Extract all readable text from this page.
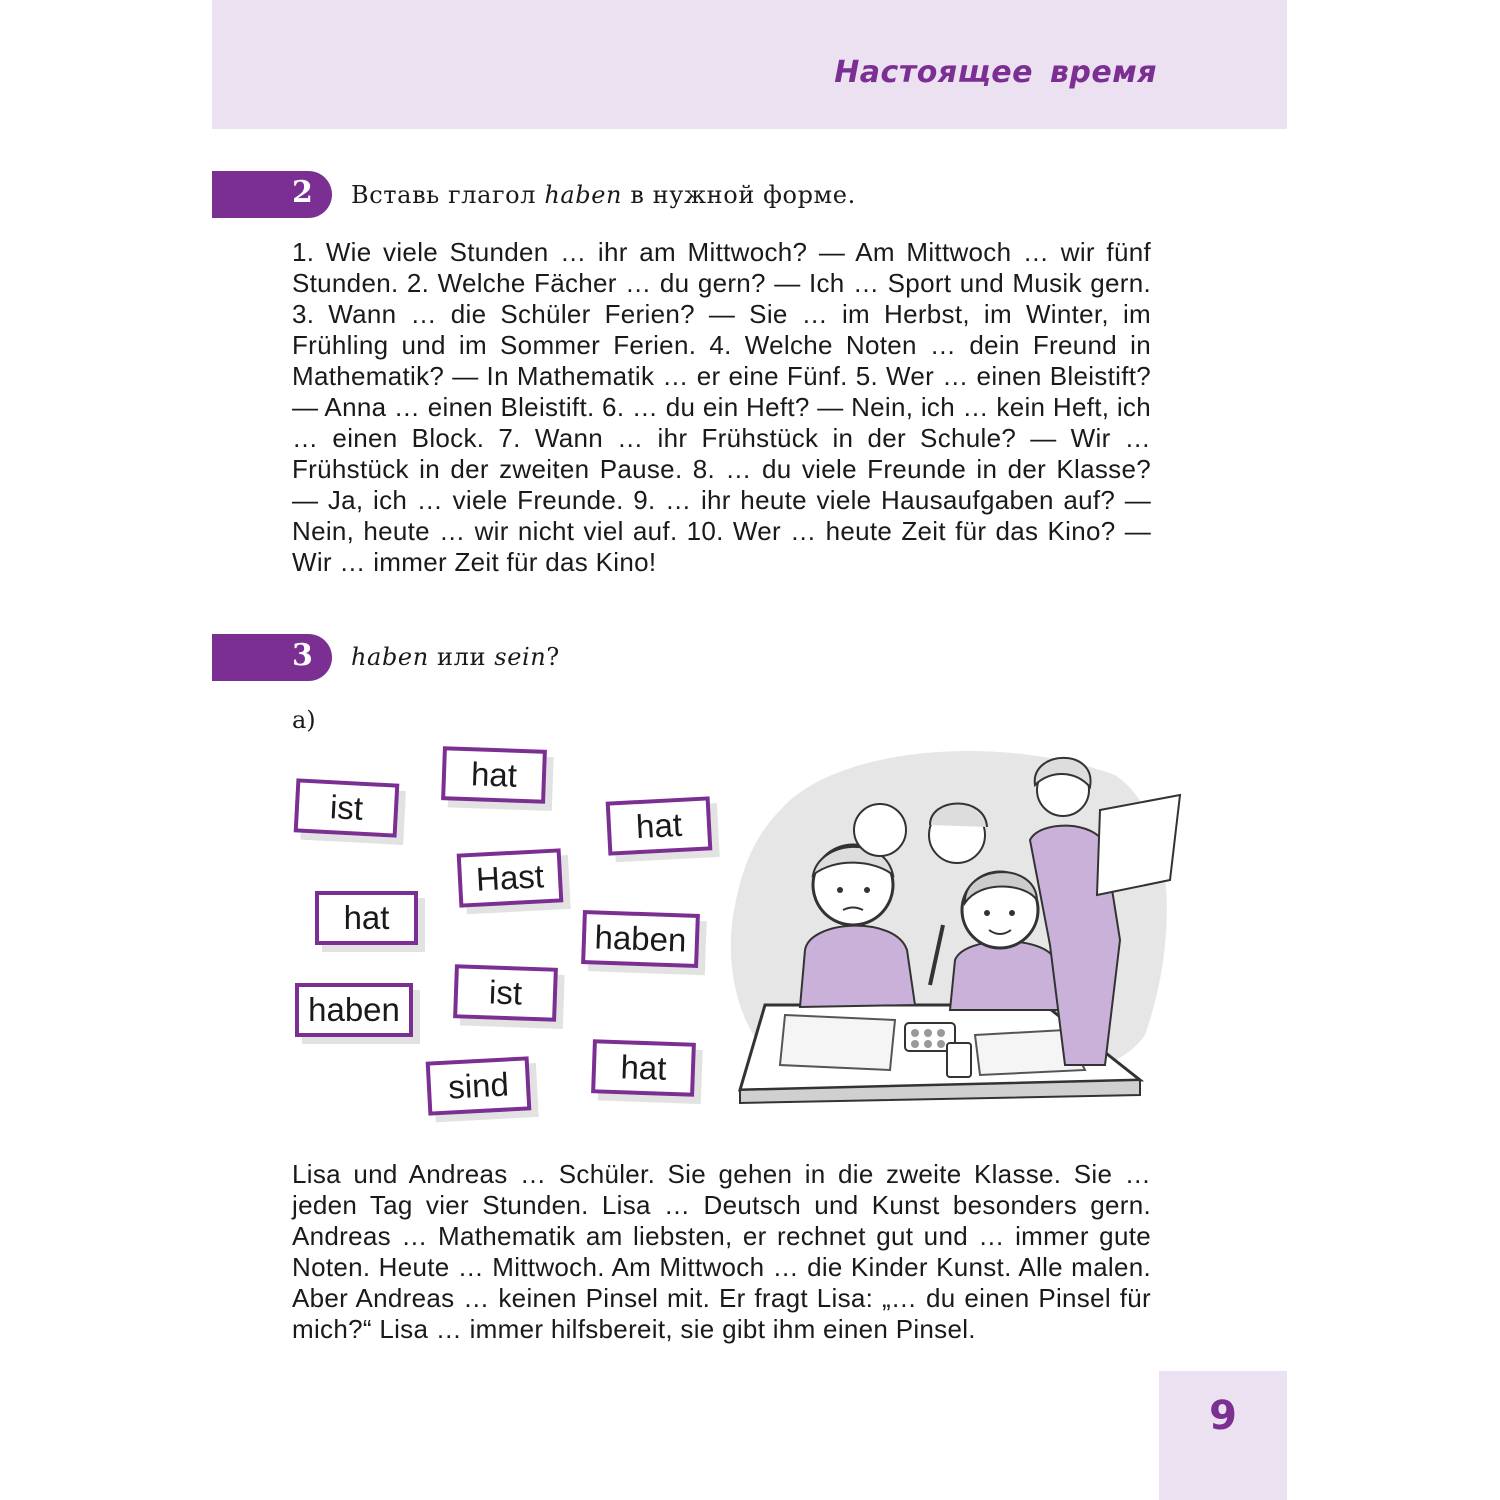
Настоящее время
2 Вставь глагол haben в нужной форме.
1. Wie viele Stunden … ihr am Mittwoch? — Am Mittwoch … wir fünf Stunden. 2. Welche Fächer … du gern? — Ich … Sport und Musik gern. 3. Wann … die Schüler Ferien? — Sie … im Herbst, im Winter, im Frühling und im Sommer Ferien. 4. Welche Noten … dein Freund in Mathematik? — In Mathematik … er eine Fünf. 5. Wer … einen Bleistift? — Anna … einen Bleistift. 6. … du ein Heft? — Nein, ich … kein Heft, ich … einen Block. 7. Wann … ihr Frühstück in der Schule? — Wir … Frühstück in der zweiten Pause. 8. … du viele Freunde in der Klasse? — Ja, ich … viele Freunde. 9. … ihr heute viele Hausaufgaben auf? — Nein, heute … wir nicht viel auf. 10. Wer … heute Zeit für das Kino? — Wir … immer Zeit für das Kino!
3 haben или sein?
а)
ist
hat
hat
Hast
hat
haben
haben	ist
sind	hat
Lisa und Andreas … Schüler. Sie gehen in die zweite Klasse. Sie … jeden Tag vier Stunden. Lisa … Deutsch und Kunst besonders gern. Andreas … Mathematik am liebsten, er rechnet gut und … immer gute Noten. Heute … Mittwoch. Am Mittwoch … die Kinder Kunst. Alle malen. Aber Andreas … keinen Pinsel mit. Er fragt Lisa: „… du einen Pinsel für mich?“ Lisa … immer hilfsbereit, sie gibt ihm einen Pinsel.
9
